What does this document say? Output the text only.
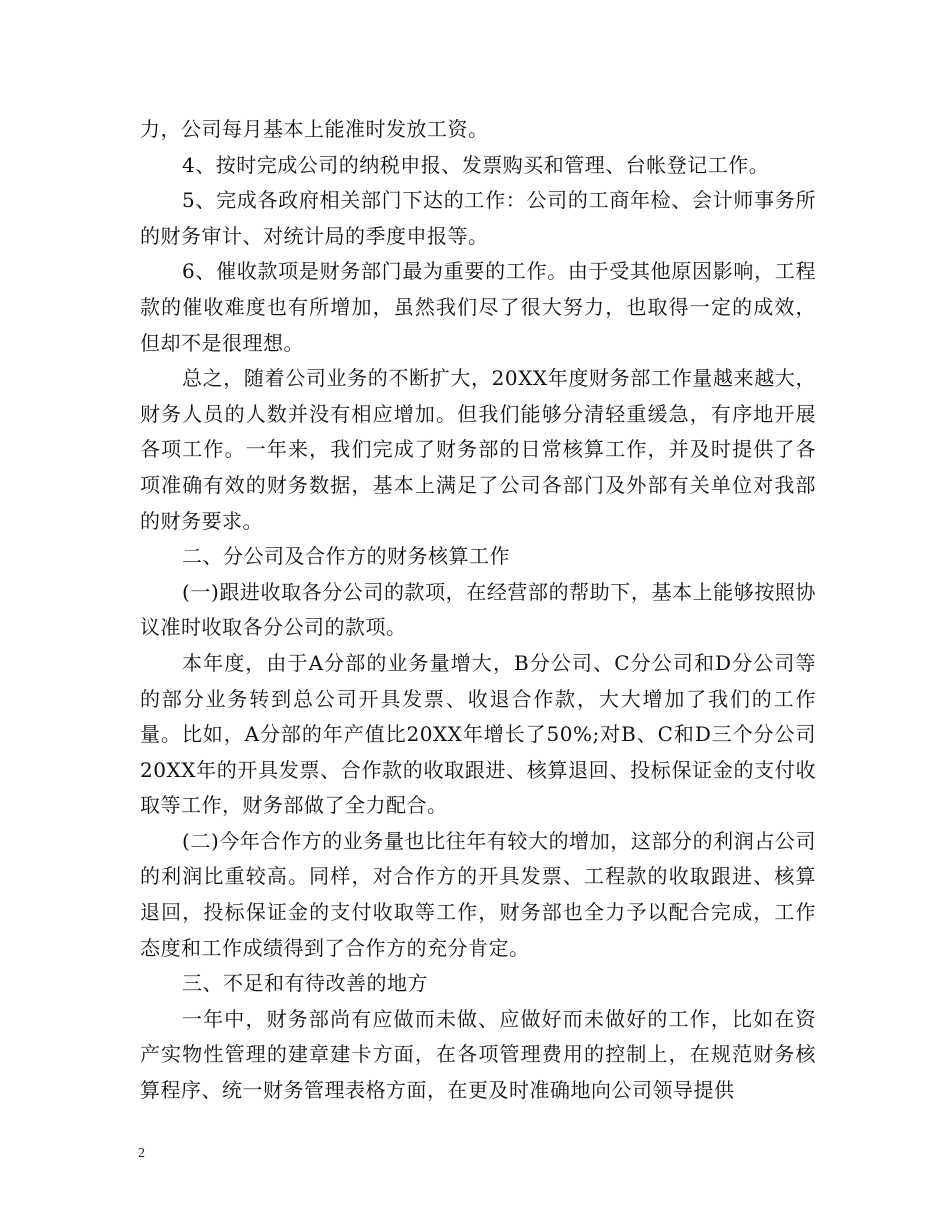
力，公司每月基本上能准时发放工资。

4、按时完成公司的纳税申报、发票购买和管理、台帐登记工作。

5、完成各政府相关部门下达的工作：公司的工商年检、会计师事务所的财务审计、对统计局的季度申报等。

6、催收款项是财务部门最为重要的工作。由于受其他原因影响，工程款的催收难度也有所增加，虽然我们尽了很大努力，也取得一定的成效，但却不是很理想。

总之，随着公司业务的不断扩大，20XX年度财务部工作量越来越大，财务人员的人数并没有相应增加。但我们能够分清轻重缓急，有序地开展各项工作。一年来，我们完成了财务部的日常核算工作，并及时提供了各项准确有效的财务数据，基本上满足了公司各部门及外部有关单位对我部的财务要求。

二、分公司及合作方的财务核算工作

(一)跟进收取各分公司的款项，在经营部的帮助下，基本上能够按照协议准时收取各分公司的款项。

本年度，由于A分部的业务量增大，B分公司、C分公司和D分公司等的部分业务转到总公司开具发票、收退合作款，大大增加了我们的工作量。比如，A分部的年产值比20XX年增长了50%;对B、C和D三个分公司20XX年的开具发票、合作款的收取跟进、核算退回、投标保证金的支付收取等工作，财务部做了全力配合。

(二)今年合作方的业务量也比往年有较大的增加，这部分的利润占公司的利润比重较高。同样，对合作方的开具发票、工程款的收取跟进、核算退回，投标保证金的支付收取等工作，财务部也全力予以配合完成，工作态度和工作成绩得到了合作方的充分肯定。

三、不足和有待改善的地方

一年中，财务部尚有应做而未做、应做好而未做好的工作，比如在资产实物性管理的建章建卡方面，在各项管理费用的控制上，在规范财务核算程序、统一财务管理表格方面，在更及时准确地向公司领导提供

2
